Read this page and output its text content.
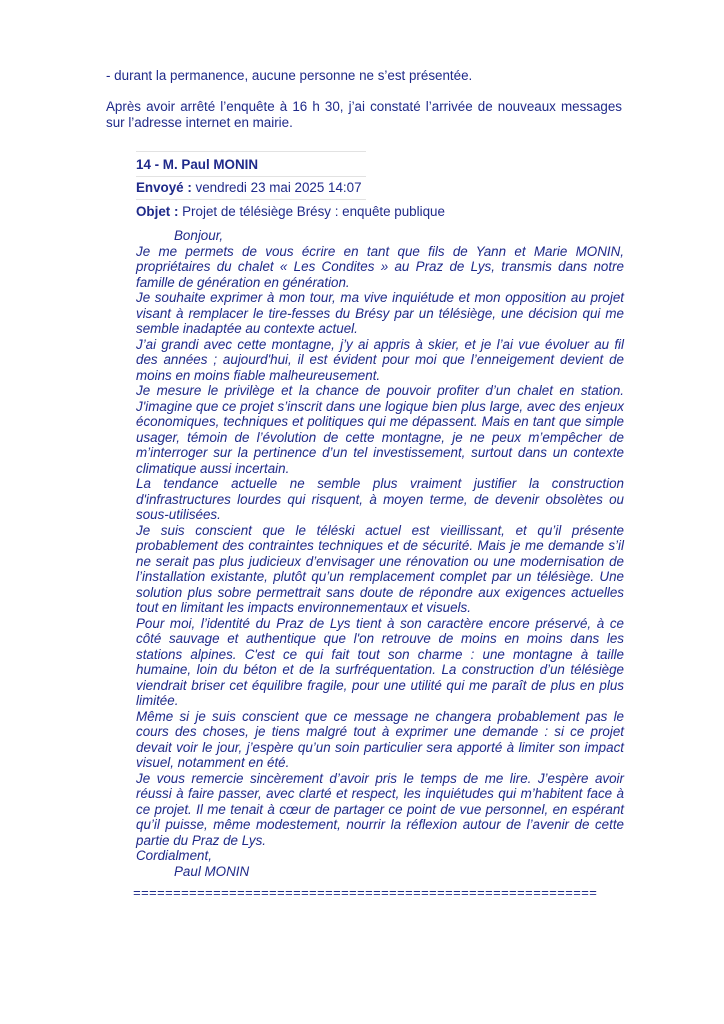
- durant la permanence, aucune personne ne s’est présentée.

Après avoir arrêté l’enquête à 16 h 30, j’ai constaté l’arrivée de nouveaux messages sur l’adresse internet en mairie.

14 - M. Paul MONIN
Envoyé : vendredi 23 mai 2025 14:07
Objet : Projet de télésiège Brésy : enquête publique

Bonjour,

Je me permets de vous écrire en tant que fils de Yann et Marie MONIN, propriétaires du chalet « Les Condites » au Praz de Lys, transmis dans notre famille de génération en génération.

Je souhaite exprimer à mon tour, ma vive inquiétude et mon opposition au projet visant à remplacer le tire-fesses du Brésy par un télésiège, une décision qui me semble inadaptée au contexte actuel.

J’ai grandi avec cette montagne, j’y ai appris à skier, et je l’ai vue évoluer au fil des années ; aujourd'hui, il est évident pour moi que l’enneigement devient de moins en moins fiable malheureusement.

Je mesure le privilège et la chance de pouvoir profiter d’un chalet en station. J'imagine que ce projet s’inscrit dans une logique bien plus large, avec des enjeux économiques, techniques et politiques qui me dépassent. Mais en tant que simple usager, témoin de l’évolution de cette montagne, je ne peux m’empêcher de m’interroger sur la pertinence d’un tel investissement, surtout dans un contexte climatique aussi incertain.

La tendance actuelle ne semble plus vraiment justifier la construction d'infrastructures lourdes qui risquent, à moyen terme, de devenir obsolètes ou sous-utilisées.

Je suis conscient que le téléski actuel est vieillissant, et qu’il présente probablement des contraintes techniques et de sécurité. Mais je me demande s’il ne serait pas plus judicieux d’envisager une rénovation ou une modernisation de l’installation existante, plutôt qu’un remplacement complet par un télésiège. Une solution plus sobre permettrait sans doute de répondre aux exigences actuelles tout en limitant les impacts environnementaux et visuels.

Pour moi, l’identité du Praz de Lys tient à son caractère encore préservé, à ce côté sauvage et authentique que l'on retrouve de moins en moins dans les stations alpines. C'est ce qui fait tout son charme : une montagne à taille humaine, loin du béton et de la surfréquentation. La construction d’un télésiège viendrait briser cet équilibre fragile, pour une utilité qui me paraît de plus en plus limitée.

Même si je suis conscient que ce message ne changera probablement pas le cours des choses, je tiens malgré tout à exprimer une demande : si ce projet devait voir le jour, j’espère qu’un soin particulier sera apporté à limiter son impact visuel, notamment en été.

Je vous remercie sincèrement d’avoir pris le temps de me lire. J’espère avoir réussi à faire passer, avec clarté et respect, les inquiétudes qui m’habitent face à ce projet. Il me tenait à cœur de partager ce point de vue personnel, en espérant qu’il puisse, même modestement, nourrir la réflexion autour de l’avenir de cette partie du Praz de Lys.

Cordialment,

Paul MONIN

==========================================================
